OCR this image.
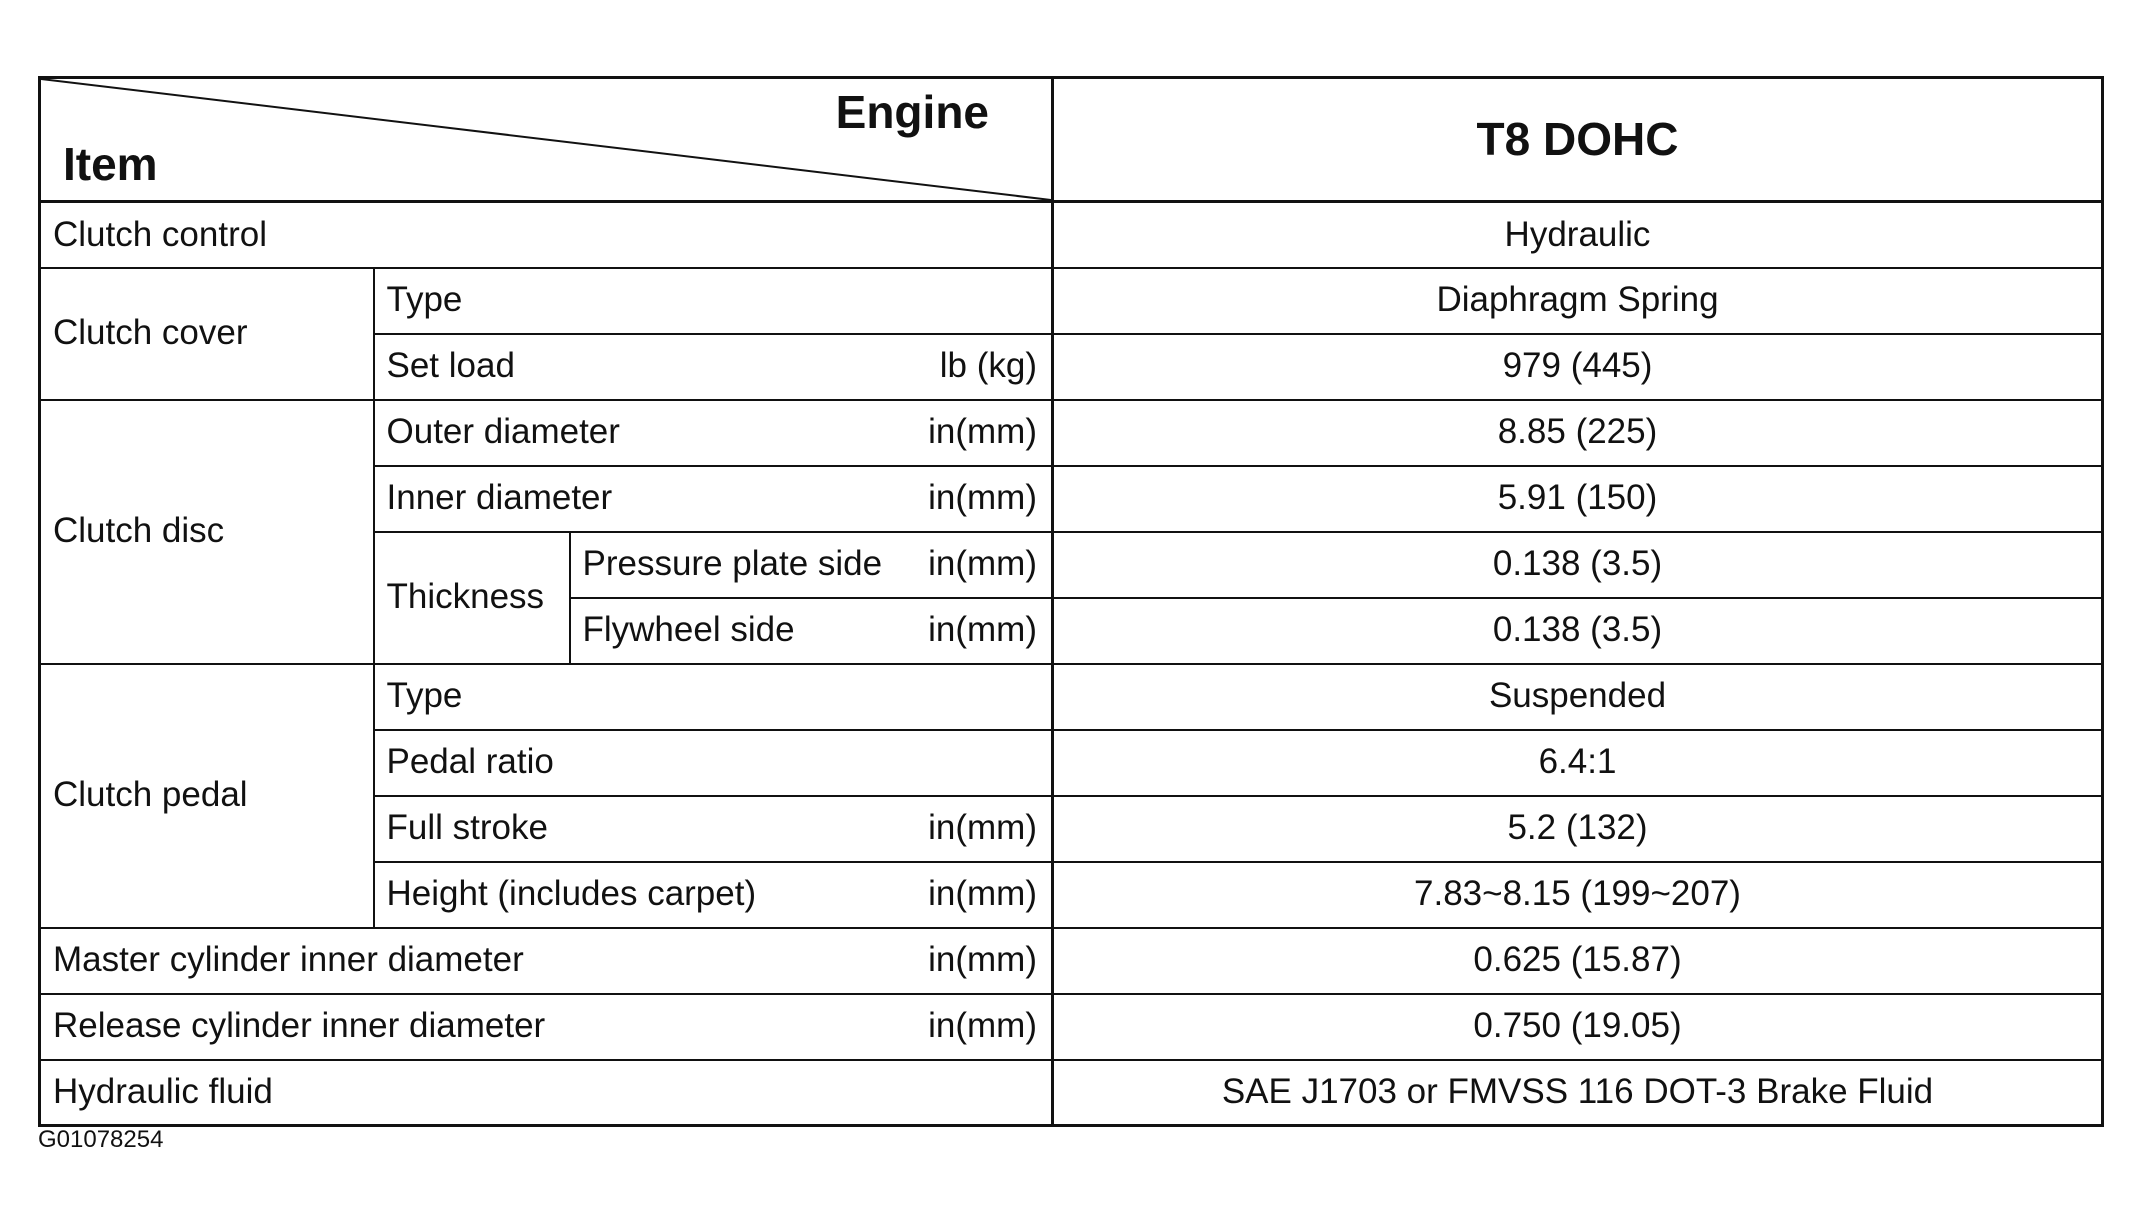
Engine
Item				T8 DOHC
Clutch control				Hydraulic
Clutch cover	Type			Diaphragm Spring
	Set load		lb (kg)	979 (445)
Clutch disc	Outer diameter		in(mm)	8.85 (225)
	Inner diameter		in(mm)	5.91 (150)
	Thickness	Pressure plate side	in(mm)	0.138 (3.5)
		Flywheel side	in(mm)	0.138 (3.5)
Clutch pedal	Type			Suspended
	Pedal ratio			6.4:1
	Full stroke		in(mm)	5.2 (132)
	Height (includes carpet)		in(mm)	7.83~8.15 (199~207)
Master cylinder inner diameter			in(mm)	0.625 (15.87)
Release cylinder inner diameter			in(mm)	0.750 (19.05)
Hydraulic fluid				SAE J1703 or FMVSS 116 DOT-3 Brake Fluid
G01078254
